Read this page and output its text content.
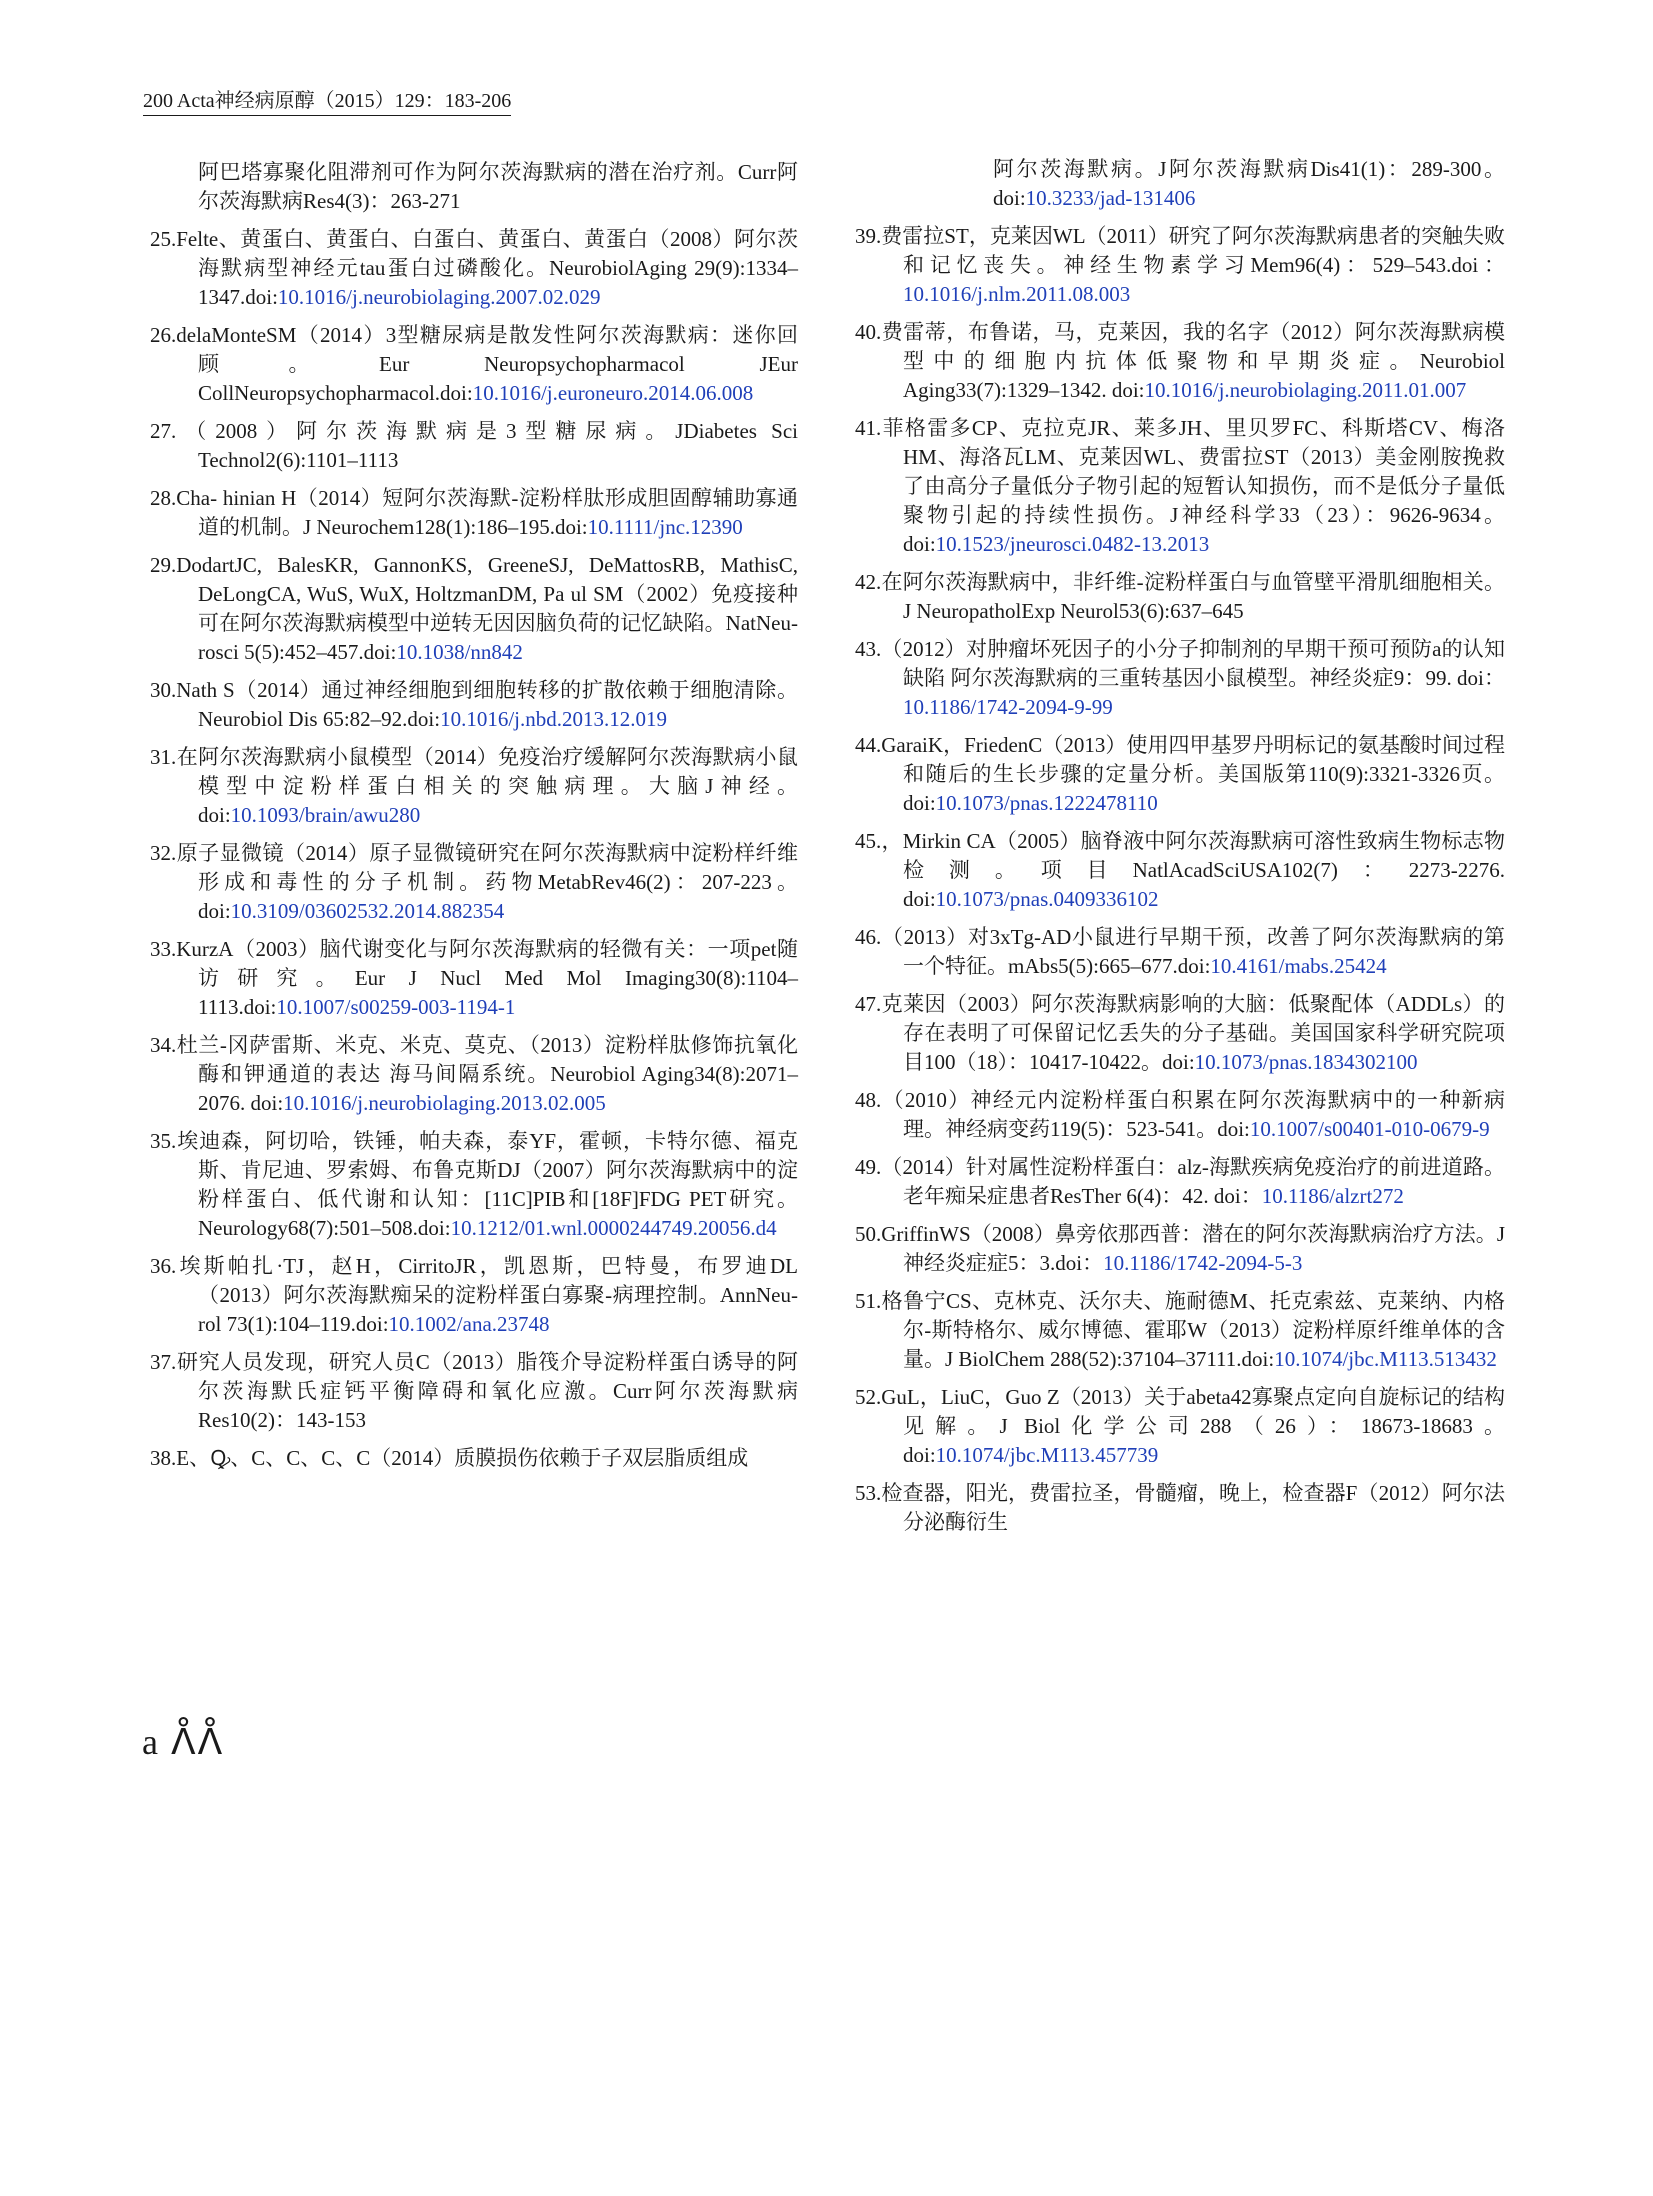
200 Acta神经病原醇（2015）129：183-206

阿巴塔寡聚化阻滞剂可作为阿尔茨海默病的潜在治疗剂。Curr阿尔茨海默病Res4(3)：263-271

25.Felte、黄蛋白、黄蛋白、白蛋白、黄蛋白、黄蛋白（2008）阿尔茨海默病型神经元tau蛋白过磷酸化。NeurobiolAging 29(9):1334–1347.doi:10.1016/j.neurobiolaging.2007.02.029

26.delaMonteSM（2014）3型糖尿病是散发性阿尔茨海默病：迷你回顾。Eur Neuropsychopharmacol JEur CollNeuropsychopharmacol.doi:10.1016/j.euroneuro.2014.06.008

27.（2008）阿尔茨海默病是3型糖尿病。JDiabetes Sci Technol2(6):1101–1113

28.Cha- hinian H（2014）短阿尔茨海默-淀粉样肽形成胆固醇辅助寡通道的机制。J Neurochem128(1):186–195.doi:10.1111/jnc.12390

29.DodartJC, BalesKR, GannonKS, GreeneSJ, DeMattosRB, MathisC, DeLongCA, WuS, WuX, HoltzmanDM, Pa ul SM（2002）免疫接种可在阿尔茨海默病模型中逆转无因因脑负荷的记忆缺陷。NatNeu- rosci 5(5):452–457.doi:10.1038/nn842

30.Nath S（2014）通过神经细胞到细胞转移的扩散依赖于细胞清除。Neurobiol Dis 65:82–92.doi:10.1016/j.nbd.2013.12.019

31.在阿尔茨海默病小鼠模型（2014）免疫治疗缓解阿尔茨海默病小鼠模型中淀粉样蛋白相关的突触病理。大脑J神经。doi:10.1093/brain/awu280

32.原子显微镜（2014）原子显微镜研究在阿尔茨海默病中淀粉样纤维形成和毒性的分子机制。药物MetabRev46(2)：207-223。doi:10.3109/03602532.2014.882354

33.KurzA（2003）脑代谢变化与阿尔茨海默病的轻微有关：一项pet随访研究。Eur J Nucl Med Mol Imaging30(8):1104–1113.doi:10.1007/s00259-003-1194-1

34.杜兰-冈萨雷斯、米克、米克、莫克、（2013）淀粉样肽修饰抗氧化酶和钾通道的表达 海马间隔系统。Neurobiol Aging34(8):2071–2076. doi:10.1016/j.neurobiolaging.2013.02.005

35.埃迪森，阿切哈，铁锤，帕夫森，泰YF，霍顿，卡特尔德、福克斯、肯尼迪、罗索姆、布鲁克斯DJ（2007）阿尔茨海默病中的淀粉样蛋白、低代谢和认知：[11C]PIB和[18F]FDG PET研究。Neurology68(7):501–508.doi:10.1212/01.wnl.0000244749.20056.d4

36.埃斯帕扎·TJ，赵H，CirritoJR，凯恩斯，巴特曼，布罗迪DL（2013）阿尔茨海默痴呆的淀粉样蛋白寡聚-病理控制。AnnNeu-rol 73(1):104–119.doi:10.1002/ana.23748

37.研究人员发现，研究人员C（2013）脂筏介导淀粉样蛋白诱导的阿尔茨海默氏症钙平衡障碍和氧化应激。Curr阿尔茨海默病Res10(2)：143-153

38.E、Ꝙ、C、C、C、C（2014）质膜损伤依赖于子双层脂质组成

阿尔茨海默病。J阿尔茨海默病Dis41(1)：289-300。doi:10.3233/jad-131406

39.费雷拉ST，克莱因WL（2011）研究了阿尔茨海默病患者的突触失败和记忆丧失。神经生物素学习Mem96(4)：529–543.doi：10.1016/j.nlm.2011.08.003

40.费雷蒂，布鲁诺，马，克莱因，我的名字（2012）阿尔茨海默病模型中的细胞内抗体低聚物和早期炎症。Neurobiol Aging33(7):1329–1342. doi:10.1016/j.neurobiolaging.2011.01.007

41.菲格雷多CP、克拉克JR、莱多JH、里贝罗FC、科斯塔CV、梅洛HM、海洛瓦LM、克莱因WL、费雷拉ST（2013）美金刚胺挽救了由高分子量低分子物引起的短暂认知损伤，而不是低分子量低聚物引起的持续性损伤。J神经科学33（23）：9626-9634。doi:10.1523/jneurosci.0482-13.2013

42.在阿尔茨海默病中，非纤维-淀粉样蛋白与血管壁平滑肌细胞相关。J NeuropatholExp Neurol53(6):637–645

43.（2012）对肿瘤坏死因子的小分子抑制剂的早期干预可预防a的认知缺陷 阿尔茨海默病的三重转基因小鼠模型。神经炎症9：99. doi：10.1186/1742-2094-9-99

44.GaraiK，FriedenC（2013）使用四甲基罗丹明标记的氨基酸时间过程和随后的生长步骤的定量分析。美国版第110(9):3321-3326页。doi:10.1073/pnas.1222478110

45.，Mirkin CA（2005）脑脊液中阿尔茨海默病可溶性致病生物标志物检测。项目NatlAcadSciUSA102(7)：2273-2276. doi:10.1073/pnas.0409336102

46.（2013）对3xTg-AD小鼠进行早期干预，改善了阿尔茨海默病的第一个特征。mAbs5(5):665–677.doi:10.4161/mabs.25424

47.克莱因（2003）阿尔茨海默病影响的大脑：低聚配体（ADDLs）的存在表明了可保留记忆丢失的分子基础。美国国家科学研究院项目100（18）：10417-10422。doi:10.1073/pnas.1834302100

48.（2010）神经元内淀粉样蛋白积累在阿尔茨海默病中的一种新病理。神经病变药119(5)：523-541。doi:10.1007/s00401-010-0679-9

49.（2014）针对属性淀粉样蛋白：alz-海默疾病免疫治疗的前进道路。老年痴呆症患者ResTher 6(4)：42. doi：10.1186/alzrt272

50.GriffinWS（2008）鼻旁依那西普：潜在的阿尔茨海默病治疗方法。J神经炎症症5：3.doi：10.1186/1742-2094-5-3

51.格鲁宁CS、克林克、沃尔夫、施耐德M、托克索兹、克莱纳、内格尔-斯特格尔、威尔博德、霍耶W（2013）淀粉样原纤维单体的含量。J BiolChem 288(52):37104–37111.doi:10.1074/jbc.M113.513432

52.GuL，LiuC，Guo Z（2013）关于abeta42寡聚点定向自旋标记的结构见解。J Biol化学公司288（26）：18673-18683。doi:10.1074/jbc.M113.457739

53.检查器，阳光，费雷拉圣，骨髓瘤，晚上，检查器F（2012）阿尔法分泌酶衍生

a ᐰᐰ
